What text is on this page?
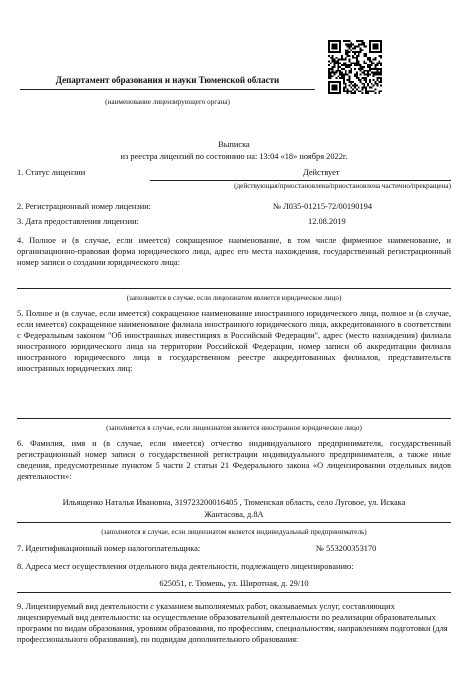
Департамент образования и науки Тюменской области
(наименование лицензирующего органа)
Выписка
из реестра лицензий по состоянию на: 13:04 «18» ноября 2022г.
1. Статус лицензии	Действует
(действующая/приостановлена/приостановлена частично/прекращена)
2. Регистрационный номер лицензии:	№ Л035-01215-72/00190194
3. Дата предоставления лицензии:	12.08.2019
4. Полное и (в случае, если имеется) сокращенное наименование, в том числе фирменное наименование, и организационно-правовая форма юридического лица, адрес его места нахождения, государственный регистрационный номер записи о создании юридического лица:
(заполняется в случае, если лицензиатом является юридическое лицо)
5. Полное и (в случае, если имеется) сокращенное наименование иностранного юридического лица, полное и (в случае, если имеется) сокращенное наименование филиала иностранного юридического лица, аккредитованного в соответствии с Федеральным законом "Об иностранных инвестициях в Российской Федерации", адрес (место нахождения) филиала иностранного юридического лица на территории Российской Федерации, номер записи об аккредитации филиала иностранного юридического лица в государственном реестре аккредитованных филиалов, представительств иностранных юридических лиц:
(заполняется в случае, если лицензиатом является иностранное юридическое лицо)
6. Фамилия, имя и (в случае, если имеется) отчество индивидуального предпринимателя, государственный регистрационный номер записи о государственной регистрации индивидуального предпринимателя, а также иные сведения, предусмотренные пунктом 5 части 2 статьи 21 Федерального закона «О лицензировании отдельных видов деятельности»:
Ильященко Наталья Ивановна, 319723200016405 , Тюменская область, село Луговое, ул. Искака
Жантасова, д.8А
(заполняется в случае, если лицензиатом является индивидуальный предприниматель)
7. Идентификационный номер налогоплательщика:	№ 553200353170
8. Адреса мест осуществления отдельного вида деятельности, подлежащего лицензированию:
625051, г. Тюмень, ул. Широтная, д. 29/10
9. Лицензируемый вид деятельности с указанием выполняемых работ, оказываемых услуг, составляющих лицензируемый вид деятельности: на осуществление образовательной деятельности по реализации образовательных программ по видам образования, уровням образования, по профессиям, специальностям, направлениям подготовки (для профессионального образования), по подвидам дополнительного образования:
